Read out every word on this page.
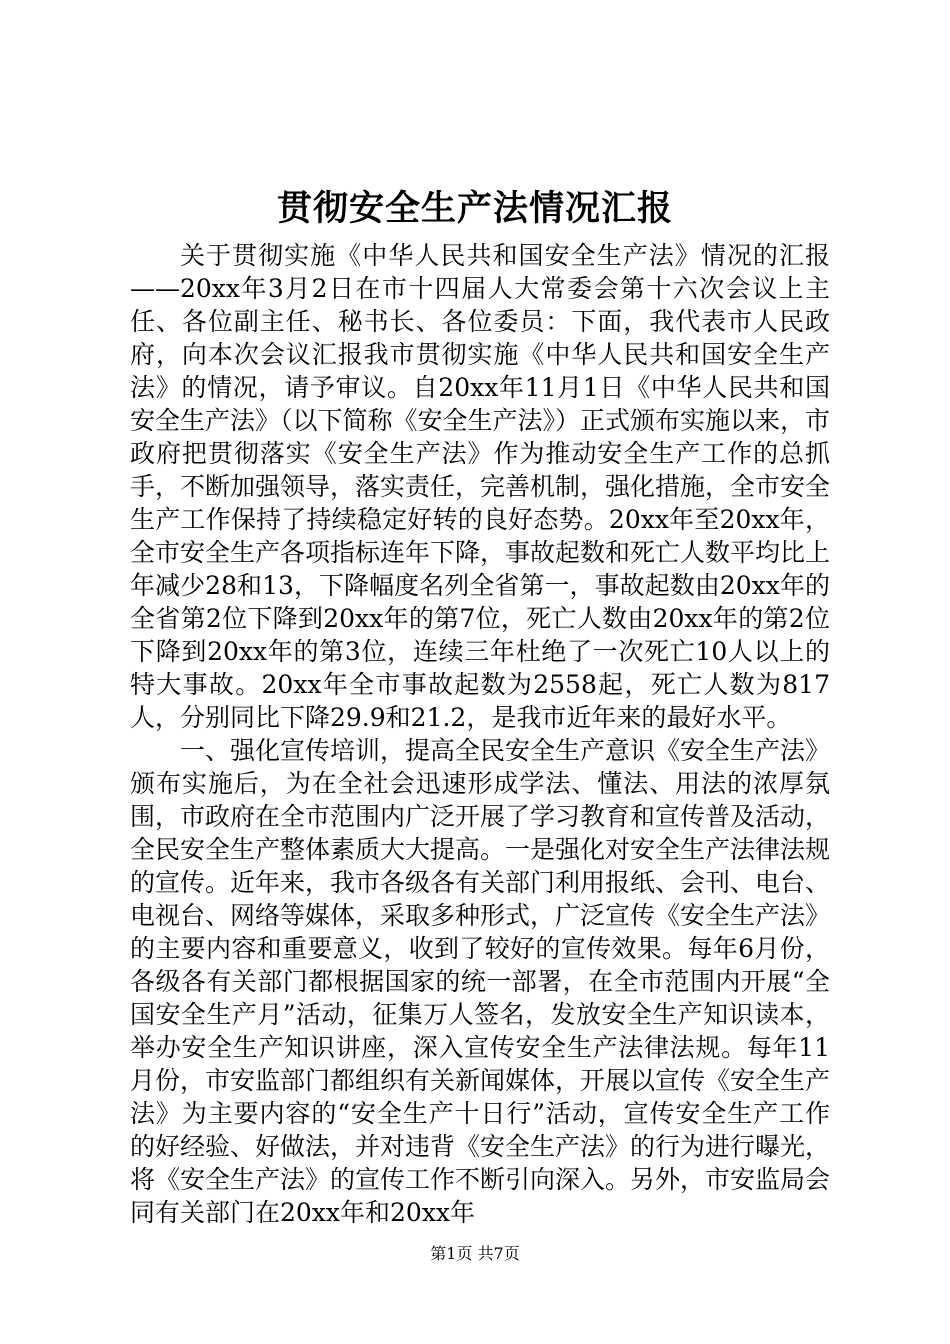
贯彻安全生产法情况汇报

关于贯彻实施《中华人民共和国安全生产法》情况的汇报——20xx年3月2日在市十四届人大常委会第十六次会议上主任、各位副主任、秘书长、各位委员：下面，我代表市人民政府，向本次会议汇报我市贯彻实施《中华人民共和国安全生产法》的情况，请予审议。自20xx年11月1日《中华人民共和国安全生产法》（以下简称《安全生产法》）正式颁布实施以来，市政府把贯彻落实《安全生产法》作为推动安全生产工作的总抓手，不断加强领导，落实责任，完善机制，强化措施，全市安全生产工作保持了持续稳定好转的良好态势。20xx年至20xx年，全市安全生产各项指标连年下降，事故起数和死亡人数平均比上年减少28和13，下降幅度名列全省第一，事故起数由20xx年的全省第2位下降到20xx年的第7位，死亡人数由20xx年的第2位下降到20xx年的第3位，连续三年杜绝了一次死亡10人以上的特大事故。20xx年全市事故起数为2558起，死亡人数为817人，分别同比下降29.9和21.2，是我市近年来的最好水平。

一、强化宣传培训，提高全民安全生产意识《安全生产法》颁布实施后，为在全社会迅速形成学法、懂法、用法的浓厚氛围，市政府在全市范围内广泛开展了学习教育和宣传普及活动，全民安全生产整体素质大大提高。一是强化对安全生产法律法规的宣传。近年来，我市各级各有关部门利用报纸、会刊、电台、电视台、网络等媒体，采取多种形式，广泛宣传《安全生产法》的主要内容和重要意义，收到了较好的宣传效果。每年6月份，各级各有关部门都根据国家的统一部署，在全市范围内开展“全国安全生产月”活动，征集万人签名，发放安全生产知识读本，举办安全生产知识讲座，深入宣传安全生产法律法规。每年11月份，市安监部门都组织有关新闻媒体，开展以宣传《安全生产法》为主要内容的“安全生产十日行”活动，宣传安全生产工作的好经验、好做法，并对违背《安全生产法》的行为进行曝光，将《安全生产法》的宣传工作不断引向深入。另外，市安监局会同有关部门在20xx年和20xx年

第1页 共7页
